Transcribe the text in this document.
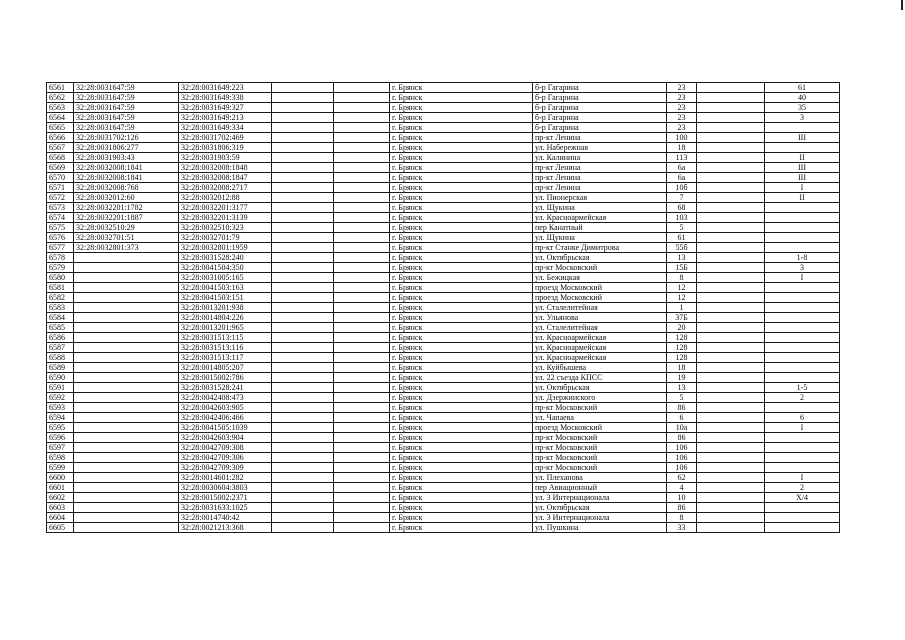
6561	32:28:0031647:59	32:28:0031649:223			г. Брянск	б-р Гагарина	23		61
6562	32:28:0031647:59	32:28:0031649:338			г. Брянск	б-р Гагарина	23		40
6563	32:28:0031647:59	32:28:0031649:327			г. Брянск	б-р Гагарина	23		35
6564	32:28:0031647:59	32:28:0031649:213			г. Брянск	б-р Гагарина	23		3
6565	32:28:0031647:59	32:28:0031649:334			г. Брянск	б-р Гагарина	23		
6566	32:28:0031702:126	32:28:0031702:469			г. Брянск	пр-кт Ленина	100		III
6567	32:28:0031806:277	32:28:0031806:319			г. Брянск	ул. Набережная	18		
6568	32:28:0031903:43	32:28:0031903:59			г. Брянск	ул. Калинина	113		II
6569	32:28:0032008:1841	32:28:0032008:1848			г. Брянск	пр-кт Ленина	6а		III
6570	32:28:0032008:1841	32:28:0032008:1847			г. Брянск	пр-кт Ленина	6а		III
6571	32:28:0032008:768	32:28:0032008:2717			г. Брянск	пр-кт Ленина	10б		I
6572	32:28:0032012:60	32:28:0032012:88			г. Брянск	ул. Пионерская	7		II
6573	32:28:0032201:1782	32:28:0032201:3177			г. Брянск	ул. Щукина	68		
6574	32:28:0032201:1887	32:28:0032201:3139			г. Брянск	ул. Красноармейская	103		
6575	32:28:0032510:29	32:28:0032510:323			г. Брянск	пер Канатный	5		
6576	32:28:0032701:51	32:28:0032701:79			г. Брянск	ул. Щукина	61		
6577	32:28:0032801:373	32:28:0032801:1959			г. Брянск	пр-кт Станке Димитрова	55б		
6578		32:28:0031528:240			г. Брянск	ул. Октябрьская	13		1-8
6579		32:28:0041504:350			г. Брянск	пр-кт Московский	15Б		3
6580		32:28:0031005:165			г. Брянск	ул. Бежицкая	8		I
6581		32:28:0041503:163			г. Брянск	проезд Московский	12		
6582		32:28:0041503:151			г. Брянск	проезд Московский	12		
6583		32:28:0013201:938			г. Брянск	ул. Сталелитейная	1		
6584		32:28:0014804:226			г. Брянск	ул. Ульянова	37Б		
6585		32:28:0013201:965			г. Брянск	ул. Сталелитейная	20		
6586		32:28:0031513:115			г. Брянск	ул. Красноармейская	128		
6587		32:28:0031513:116			г. Брянск	ул. Красноармейская	128		
6588		32:28:0031513:117			г. Брянск	ул. Красноармейская	128		
6589		32:28:0014805:207			г. Брянск	ул. Куйбышева	18		
6590		32:28:0015002:786			г. Брянск	ул. 22 съезда КПСС	19		
6591		32:28:0031528:241			г. Брянск	ул. Октябрьская	13		1-5
6592		32:28:0042408:473			г. Брянск	ул. Дзержинского	5		2
6593		32:28:0042603:905			г. Брянск	пр-кт Московский	86		
6594		32:28:0042406:466			г. Брянск	ул. Чапаева	6		6
6595		32:28:0041505:1039			г. Брянск	проезд Московский	10а		I
6596		32:28:0042603:904			г. Брянск	пр-кт Московский	86		
6597		32:28:0042709:308			г. Брянск	пр-кт Московский	106		
6598		32:28:0042709:306			г. Брянск	пр-кт Московский	106		
6599		32:28:0042709:309			г. Брянск	пр-кт Московский	106		
6600		32:28:0014601:282			г. Брянск	ул. Плеханова	62		I
6601		32:28:0030604:3803			г. Брянск	пер Авиационный	4		2
6602		32:28:0015002:2371			г. Брянск	ул. 3 Интернационала	10		Х/4
6603		32:28:0031633:1025			г. Брянск	ул. Октябрьская	86		
6604		32:28:0014740:42			г. Брянск	ул. 3 Интернационала	8		
6605		32:28:0021213:368			г. Брянск	ул. Пушкина	33		
